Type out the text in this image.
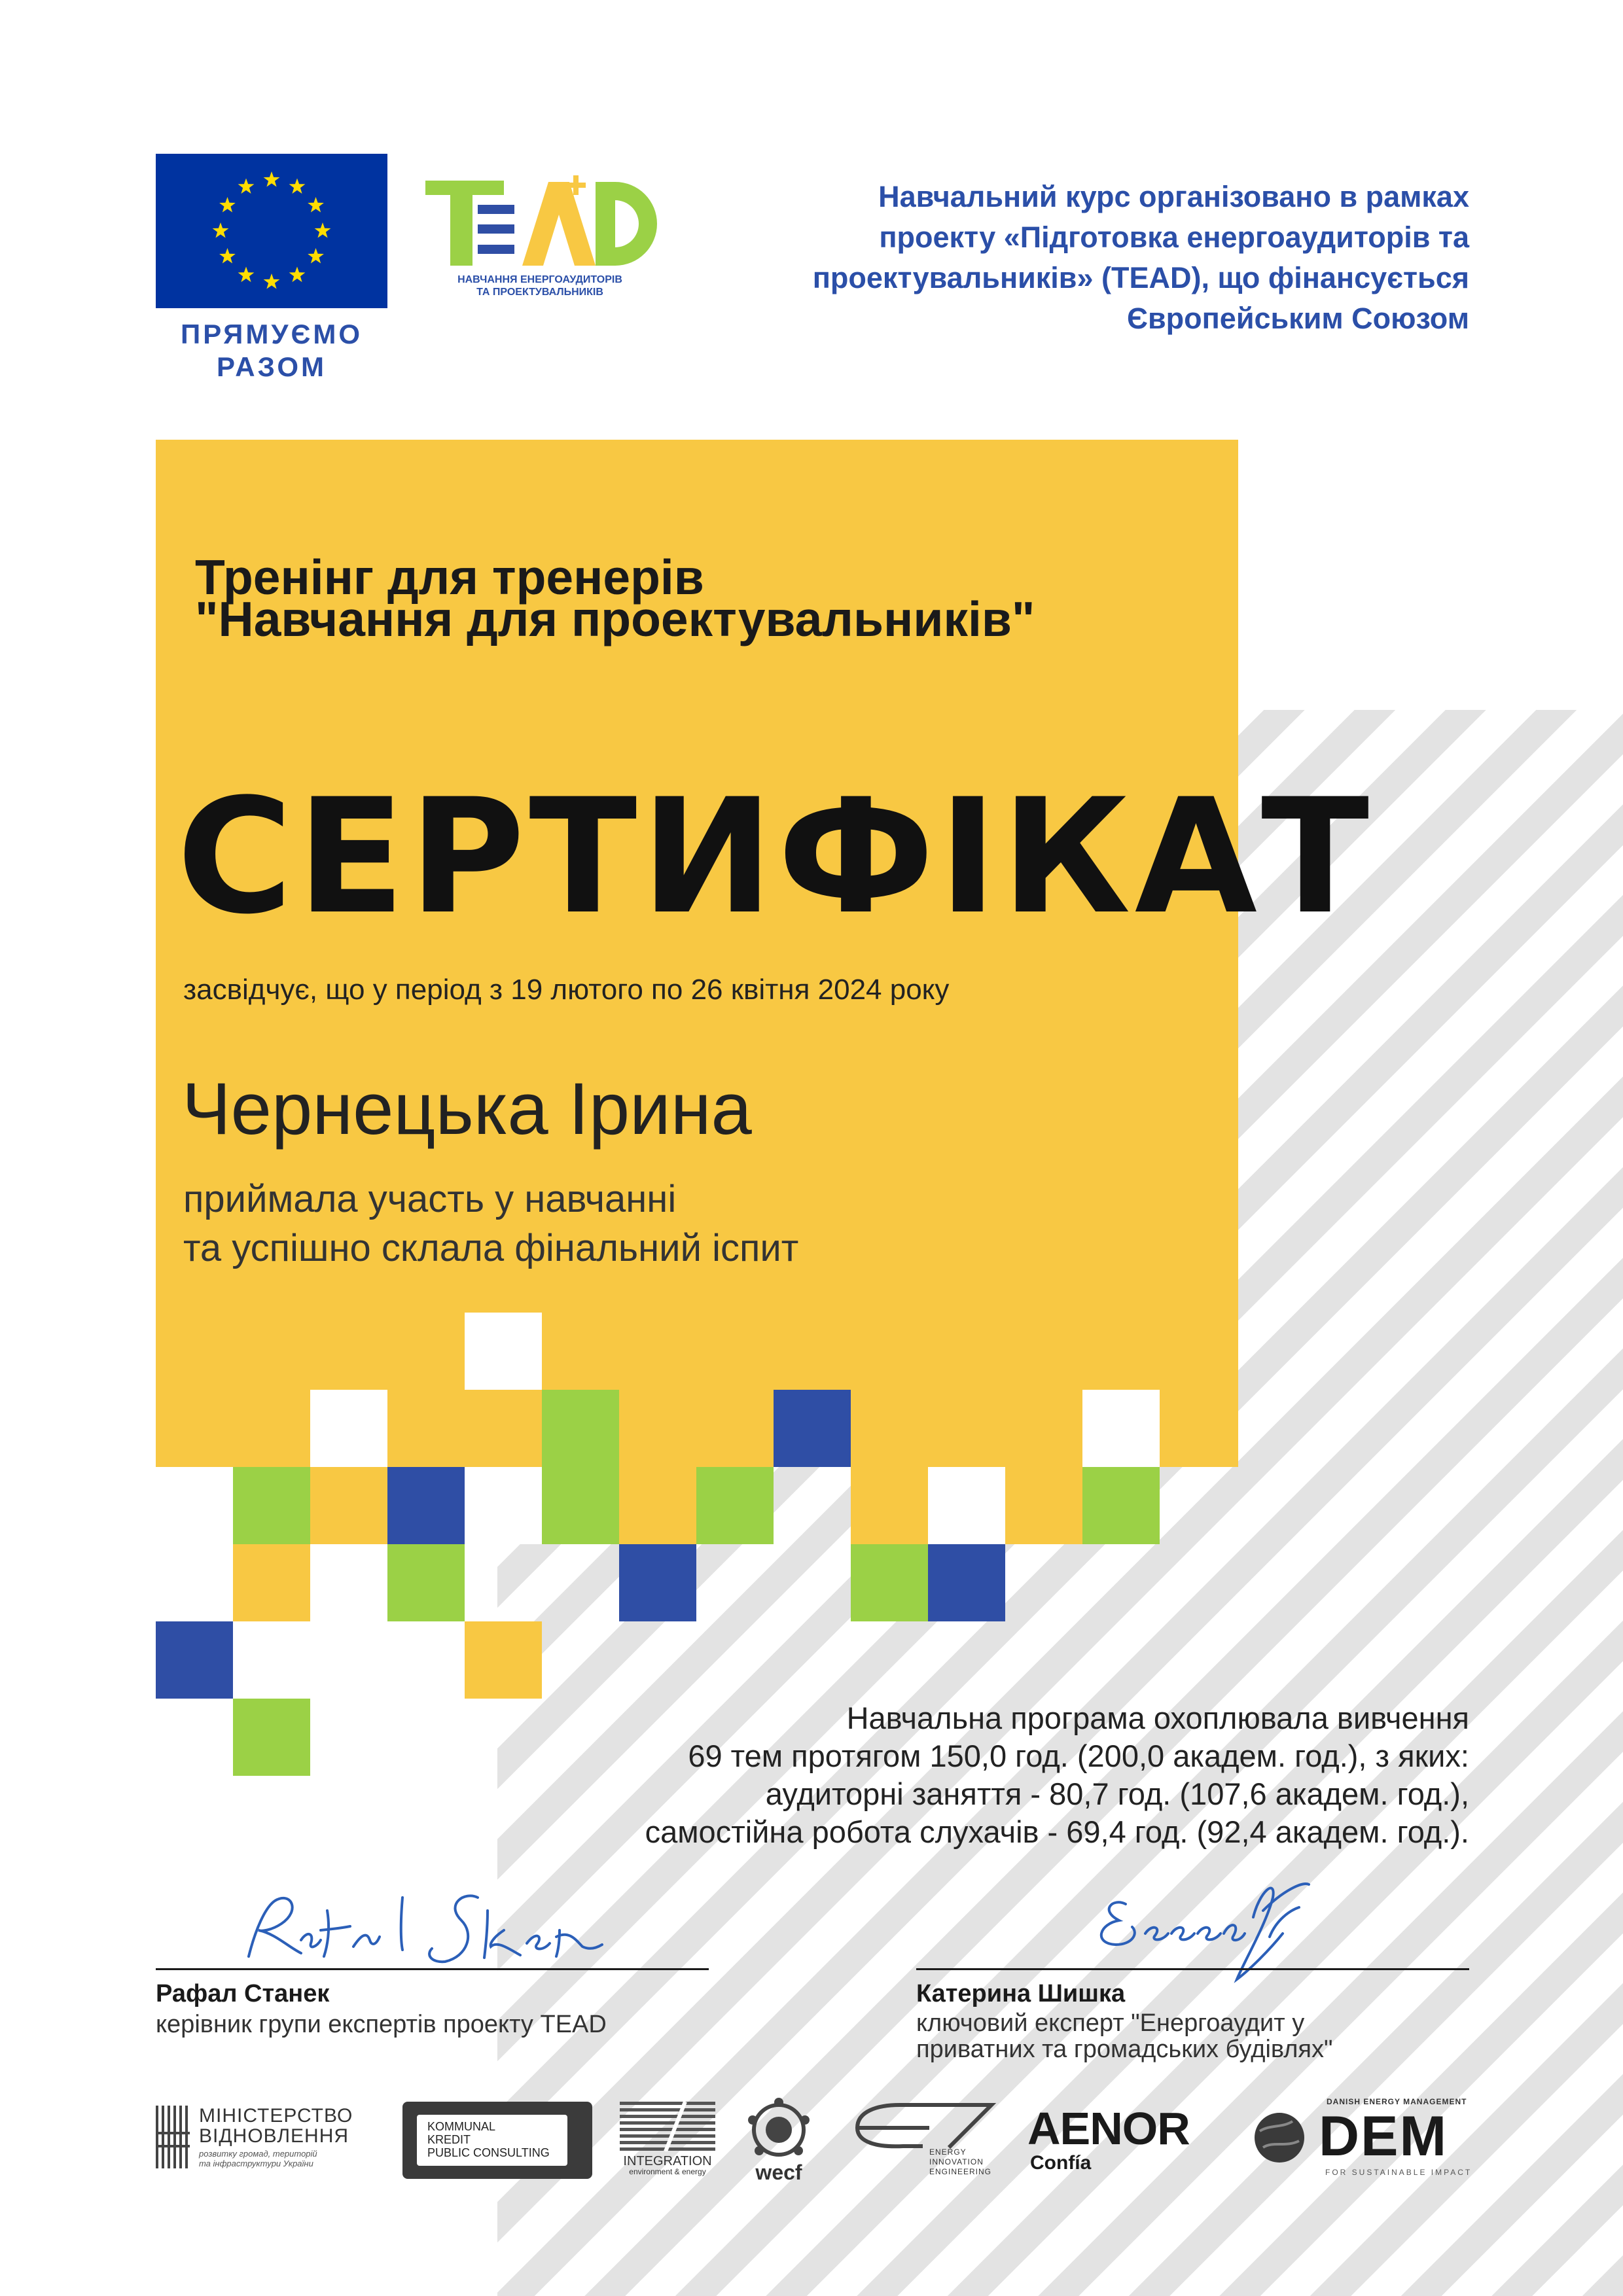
ПРЯМУЄМО
РАЗОМ
НАВЧАННЯ ЕНЕРГОАУДИТОРІВ
ТА ПРОЕКТУВАЛЬНИКІВ
Навчальний курс організовано в рамках
проекту «Підготовка енергоаудиторів та
проектувальників» (TEAD), що фінансується
Європейським Союзом
Тренінг для тренерів
"Навчання для проектувальників"
СЕРТИФІКАТ
засвідчує, що у період з 19 лютого по 26 квітня 2024 року
Чернецька Ірина
приймала участь у навчанні
та успішно склала фінальний іспит
Навчальна програма охоплювала вивчення
69 тем протягом 150,0 год. (200,0 академ. год.), з яких:
аудиторні заняття - 80,7 год. (107,6 академ. год.),
самостійна робота слухачів - 69,4 год. (92,4 академ. год.).
Рафал Станек
керівник групи експертів проекту TEAD
Катерина Шишка
ключовий експерт "Енергоаудит у
приватних та громадських будівлях"
МІНІСТЕРСТВО
ВІДНОВЛЕННЯ
розвитку громад, територій
та інфраструктури України
KOMMUNAL
KREDIT
PUBLIC CONSULTING
INTEGRATION
environment & energy	wecf
ENERGY
INNOVATION
ENGINEERING
AENOR
Confía
DANISH ENERGY MANAGEMENT
DEM
FOR SUSTAINABLE IMPACT
